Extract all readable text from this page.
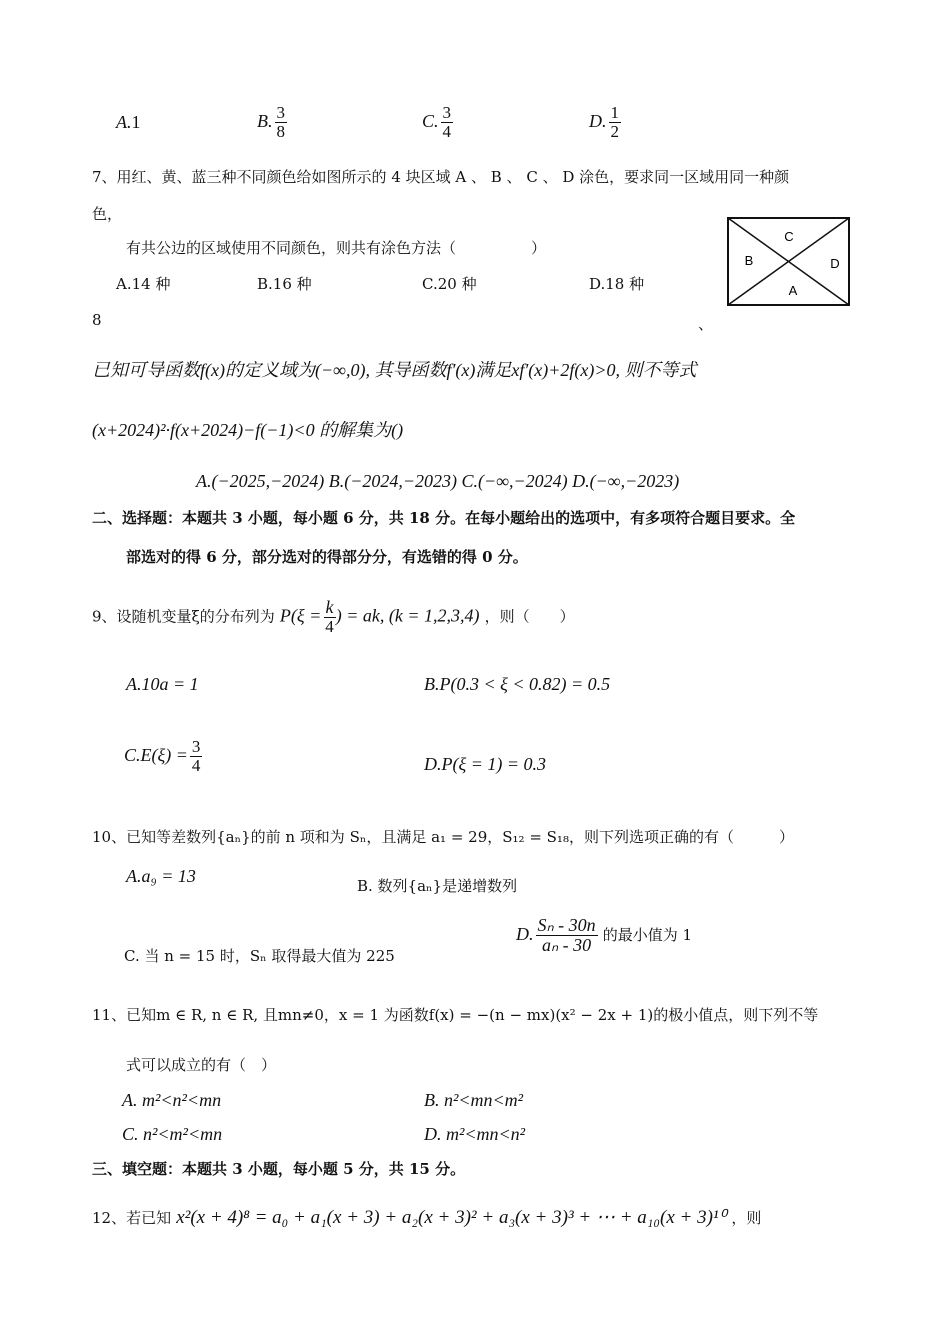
A.1	B. $\frac{3}{8}$	C. $\frac{3}{4}$	D. $\frac{1}{2}$
7、用红、黄、蓝三种不同颜色给如图所示的 4 块区域 A 、 B 、 C 、 D 涂色，要求同一区域用同一种颜
色，
有共公边的区域使用不同颜色，则共有涂色方法（　　　　　）
A.14 种	B.16 种	C.20 种	D.18 种
C
B	D
A
8	、
已知可导函数f(x)的定义域为(−∞,0), 其导函数f′(x)满足xf′(x)+2f(x)>0, 则不等式
(x+2024)²·f(x+2024)−f(−1)<0 的解集为()
A.(−2025,−2024) B.(−2024,−2023) C.(−∞,−2024) D.(−∞,−2023)
二、选择题：本题共 3 小题，每小题 6 分，共 18 分。在每小题给出的选项中，有多项符合题目要求。全
部选对的得 6 分，部分选对的得部分分，有选错的得 0 分。
9、设随机变量ξ的分布列为 $P(\xi = \frac{k}{4}$ ) = ak, (k = 1,2,3,4) ，则（　　）
A.10a = 1	B.P(0.3 < ξ < 0.82) = 0.5
$C.E(\xi) = \frac{3}{4}$	D.P(ξ = 1) = 0.3
10、已知等差数列{aₙ}的前 n 项和为 Sₙ，且满足 a₁ = 29，S₁₂ = S₁₈，则下列选项正确的有（　　　）
A.a₉ = 13	B. 数列{aₙ}是递增数列
C. 当 n = 15 时，Sₙ 取得最大值为 225
D. $\frac{\text{Sₙ - 30n}}{\text{aₙ - 30}}$ 的最小值为 1
11、已知m ∈ R, n ∈ R, 且mn≠0，x = 1 为函数f(x) = −(n − mx)(x² − 2x + 1)的极小值点，则下列不等
式可以成立的有（　）
A. m²<n²<mn	B. n²<mn<m²
C. n²<m²<mn	D. m²<mn<n²
三、填空题：本题共 3 小题，每小题 5 分，共 15 分。
12、若已知 x²(x + 4)⁸ = a₀ + a₁(x + 3) + a₂(x + 3)² + a₃(x + 3)³ + ⋯ + a₁₀(x + 3)¹⁰ ，则
